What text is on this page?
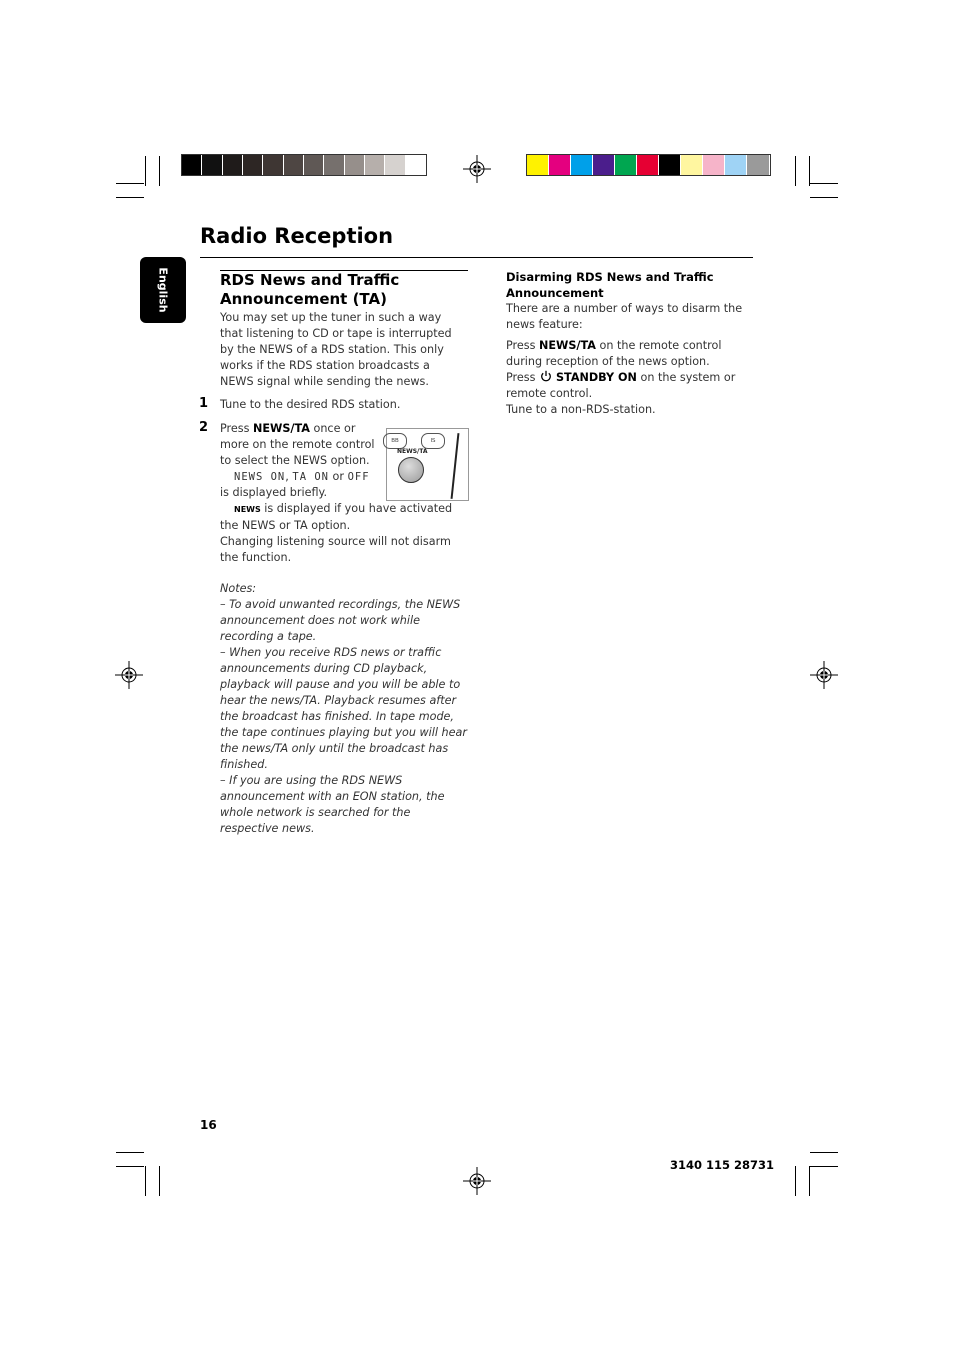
Radio Reception
English	RDS News and Traffic Announcement (TA)

You may set up the tuner in such a way that listening to CD or tape is interrupted by the NEWS of a RDS station. This only works if the RDS station broadcasts a NEWS signal while sending the news.

1 Tune to the desired RDS station.

2 Press NEWS/TA once or more on the remote control to select the NEWS option.
NEWS ON, TA ON or OFF is displayed briefly.
NEWS is displayed if you have activated the NEWS or TA option.
Changing listening source will not disarm the function.
BB	IS
NEWS/TA

Notes:

– To avoid unwanted recordings, the NEWS announcement does not work while recording a tape.

– When you receive RDS news or traffic announcements during CD playback, playback will pause and you will be able to hear the news/TA. Playback resumes after the broadcast has finished. In tape mode, the tape continues playing but you will hear the news/TA only until the broadcast has finished.

– If you are using the RDS NEWS announcement with an EON station, the whole network is searched for the respective news.

Disarming RDS News and Traffic Announcement

There are a number of ways to disarm the news feature:

Press NEWS/TA on the remote control during reception of the news option.

Press STANDBY ON on the system or remote control.

Tune to a non-RDS-station.

16
3140 115 28731
